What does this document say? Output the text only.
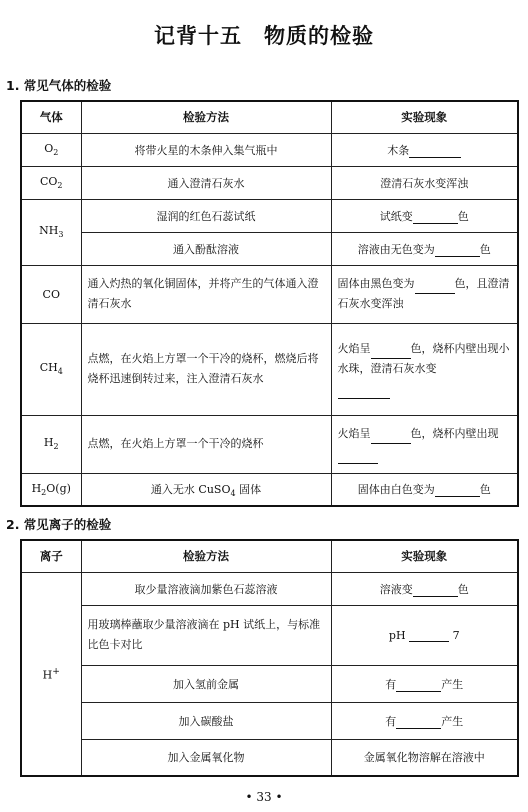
记背十五　物质的检验
1. 常见气体的检验
气体	检验方法	实验现象
$O_2$	将带火星的木条伸入集气瓶中	木条
$CO_2$	通入澄清石灰水	澄清石灰水变浑浊
$NH_3$	湿润的红色石蕊试纸	试纸变 色
	通入酚酞溶液	溶液由无色变为 色
CO	通入灼热的氧化铜固体，并将产生的气体通入澄清石灰水	固体由黑色变为 色，且澄清石灰水变浑浊
$CH_4$	点燃，在火焰上方罩一个干冷的烧杯，燃烧后将烧杯迅速倒转过来，注入澄清石灰水	火焰呈 色，烧杯内壁出现小水珠，澄清石灰水变

$H_2$	点燃，在火焰上方罩一个干冷的烧杯	火焰呈 色，烧杯内壁出现

$H_2O(g)$	通入无水 CuSO$_4$ 固体	固体由白色变为 色
2. 常见离子的检验
离子	检验方法	实验现象
H+	取少量溶液滴加紫色石蕊溶液	溶液变 色
	用玻璃棒蘸取少量溶液滴在 pH 试纸上，与标准比色卡对比	pH 7
	加入氢前金属	有 产生
	加入碳酸盐	有 产生
	加入金属氧化物	金属氧化物溶解在溶液中
• 33 •
